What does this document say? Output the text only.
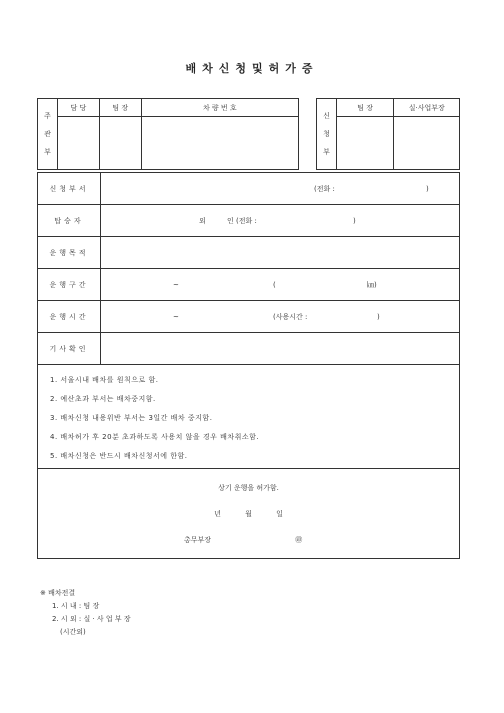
배차신청및허가증
주
관
부	담 당	팀 장	차 량 번 호

신
청
부	팀 장	실·사업부장

신청부서	(전화 : )

탑승자	외 인 (전화 : )

운행목적	
운행구간	~ ( ㎞)

운행시간	~ (사용시간 : )

기사확인	

1. 서울시내 배차를 원칙으로 함.
2. 예산초과 부서는 배차중지함.
3. 배차신청 내용위반 부서는 3일간 배차 중지함.
4. 배차허가 후 20분 초과하도록 사용치 않을 경우 배차취소함.
5. 배차신청은 반드시 배차신청서에 한함.	

상기 운행을 허가함.
년 월 일
총무부장 ㊞	
※ 배차전결
1. 시 내 : 팀 장
2. 시 외 : 실 · 사 업 부 장
(시간외)
